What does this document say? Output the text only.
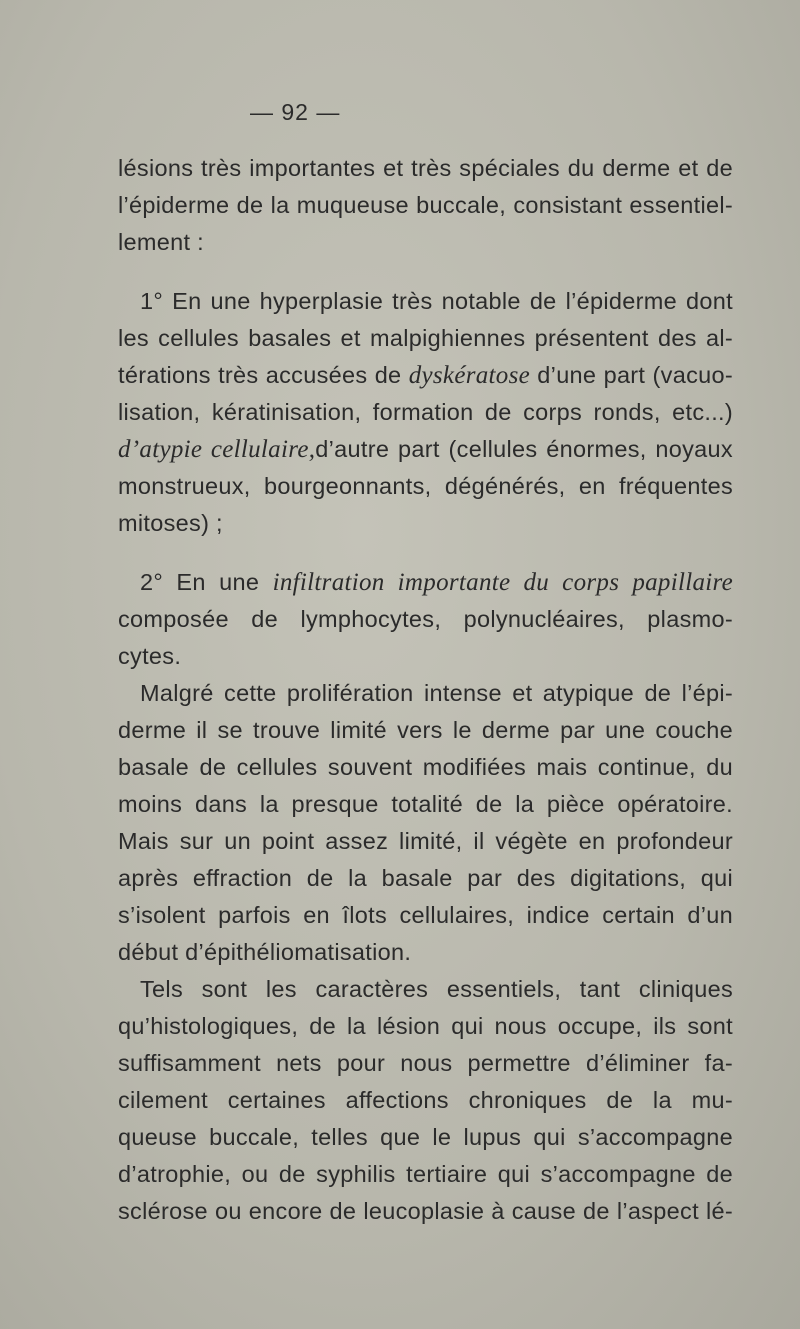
— 92 —
lésions très importantes et très spéciales du derme et de
l’épiderme de la muqueuse buccale, consistant essentiel-
lement :
1° En une hyperplasie très notable de l’épiderme dont
les cellules basales et malpighiennes présentent des al-
térations très accusées de dyskératose d’une part (vacuo-
lisation, kératinisation, formation de corps ronds, etc...)
d’atypie cellulaire,d’autre part (cellules énormes, noyaux
monstrueux, bourgeonnants, dégénérés, en fréquentes
mitoses) ;
2° En une infiltration importante du corps papillaire
composée de lymphocytes, polynucléaires, plasmo-
cytes.
Malgré cette prolifération intense et atypique de l’épi-
derme il se trouve limité vers le derme par une couche
basale de cellules souvent modifiées mais continue, du
moins dans la presque totalité de la pièce opératoire.
Mais sur un point assez limité, il végète en profondeur
après effraction de la basale par des digitations, qui
s’isolent parfois en îlots cellulaires, indice certain d’un
début d’épithéliomatisation.
Tels sont les caractères essentiels, tant cliniques
qu’histologiques, de la lésion qui nous occupe, ils sont
suffisamment nets pour nous permettre d’éliminer fa-
cilement certaines affections chroniques de la mu-
queuse buccale, telles que le lupus qui s’accompagne
d’atrophie, ou de syphilis tertiaire qui s’accompagne de
sclérose ou encore de leucoplasie à cause de l’aspect lé-
